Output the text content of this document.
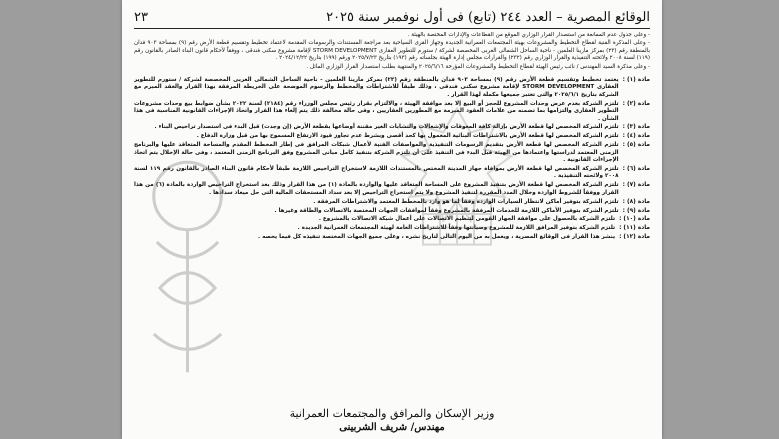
الوقائع المصرية – العدد ٢٤٤ (تابع) فى أول نوفمبر سنة ٢٠٢٥
٢٣

- وعلى جدول عدم الممانعة من استصدار القرار الوزاري الموقع من القطاعات والإدارات المختصة بالهيئة .

- وعلى المذكرة الفنية لقطاع التخطيط والمشروعات بهيئة المجتمعات العمرانية الجديدة وجهاز القرى السياحية بعد مراجعة المستندات والرسومات المقدمة لاعتماد تخطيط وتقسيم قطعة الأرض رقم (٩) بمساحة ٩٠٣ فدان بالمنطقة رقم (٢٣) بمركز مارينا العلمين - ناحية الساحل الشمالى الغربى المخصصة لشركة / ستورم للتطوير العقارى STORM DEVELOPMENT لإقامة مشروع سكنى فندقى ، ووفقاً لأحكام قانون البناء الصادر بالقانون رقم (١١٩) لسنة ٢٠٠٨ ولائحته التنفيذية والقرار الوزاري رقم (٢٣٢) والقرارات مجلس إدارة الهيئة بجلساته رقم (١٩٣) بتاريخ ٢٠٢٥/٧/٢٣ ورقم (١٩٩) بتاريخ ٢٠٢٤/١٢/٢٢ .

- وعلى مذكرة السيد المهندس / نائب رئيس الهيئة لقطاع التخطيط والمشروعات المؤرخة ٢٠٢٥/٦/١٦ والمنتهية بطلب استصدار القرار الوزاري المائل .

مادة (١) :
يعتمد تخطيط وتقسيم قطعة الأرض رقم (٩) بمساحة ٩٠٣ فدان بالمنطقة رقم (٢٣) بمركز مارينا العلمين - ناحية الساحل الشمالى الغربى المخصصة لشركة / ستورم للتطوير العقارى STORM DEVELOPMENT لإقامة مشروع سكنى فندقى ، وذلك طبقاً للاشتراطات والمخطط والرسوم الموضحة على الخريطة المرفقة بهذا القرار والعقد المبرم مع الشركة بتاريخ ٢٠٢٥/٦/١ والتى تعتبر جميعها مكملة لهذا القرار .
مادة (٢) :
تلتزم الشركة بعدم عرض وحدات المشروع للحجز أو البيع إلا بعد موافقة الهيئة ، والالتزام بقرار رئيس مجلس الوزراء رقم (٢١٨٤) لسنة ٢٠٢٢ بشأن ضوابط بيع وحدات مشروعات التطوير العقارى والتزامها بما تضمنه من علامات العقود المبرمة مع المطورين العقاريين ، وفى حالة مخالفة ذلك يتم إلغاء هذا القرار واتخاذ الإجراءات القانونية المناسبة فى هذا الشأن .
مادة (٣) :
تلتزم الشركة المخصص لها قطعة الأرض بإزالة كافة المعوقات والإشغالات والتشابات الغير مقننة أوضاعها بقطعة الأرض (إن وجدت) قبل البدء فى استصدار تراخيص البناء .
مادة (٤) :
تلتزم الشركة المخصص لها قطعة الأرض بالاشتراطات البنائية المعمول بها كحد أقصى وبشرط عدم تجاوز قيود الارتفاع المسموح بها من قبل وزارة الدفاع .
مادة (٥) :
تلتزم الشركة المخصص لها قطعة الأرض بتقديم الرسومات التنفيذية والمواصفات الفنية لأعمال شبكات المرافق فى إطار المخطط المقدم والمساحة المتعاقد عليها والبرنامج الزمنى المعتمد لدراستها واعتمادها من الهيئة قبل البدء فى التنفيذ على أن تلتزم الشركة بتنفيذ كامل مبانى المشروع وفق البرنامج الزمنى المعتمد ، وفى حالة الإخلال يتم اتخاذ الإجراءات القانونية .
مادة (٦) :
تلتزم الشركة المخصص لها قطعة الأرض بموافاة جهاز المدينة المختص بالمستندات اللازمة لاستخراج التراخيص اللازمة طبقاً لأحكام قانون البناء الصادر بالقانون رقم ١١٩ لسنة ٢٠٠٨ ولائحته التنفيذية .
مادة (٧) :
تلتزم الشركة المخصص لها قطعة الأرض بتنفيذ المشروع على المساحة المتعاقد عليها والواردة بالمادة (١) من هذا القرار وذلك بعد استخراج التراخيص الواردة بالمادة (٦) من هذا القرار ووفقاً للشروط الواردة وخلال المدد المقررة لتنفيذ المشروع ولا يتم استخراج التراخيص إلا بعد سداد المستحقات المالية التى حل ميعاد سدادها .
مادة (٨) :
تلتزم الشركة بتوفير أماكن لانتظار السيارات الواردة وفقاً لما هو وارد بالمخطط المعتمد والاشتراطات المرفقة .
مادة (٩) :
تلتزم الشركة بتوفير الأماكن اللازمة للخدمات المرفقة بالمشروع وفقاً لموافقات الجهات المختصة بالاتصالات والطاقة وغيرها .
مادة (١٠) :
تلتزم الشركة بالحصول على موافقة الجهاز القومى لتنظيم الاتصالات على أعمال شبكة الاتصالات بالمشروع .
مادة (١١) :
تلتزم الشركة بتوفير المرافق اللازمة للمشروع وصيانتها وفقاً للاشتراطات العامة لهيئة المجتمعات العمرانية الجديدة .
مادة (١٢) :
ينشر هذا القرار فى الوقائع المصرية ، ويعمل به من اليوم التالى لتاريخ نشره ، وعلى جميع الجهات المختصة تنفيذه كل فيما يخصه .
وزير الإسكان والمرافق والمجتمعات العمرانية
مهندس/ شريف الشربينى
